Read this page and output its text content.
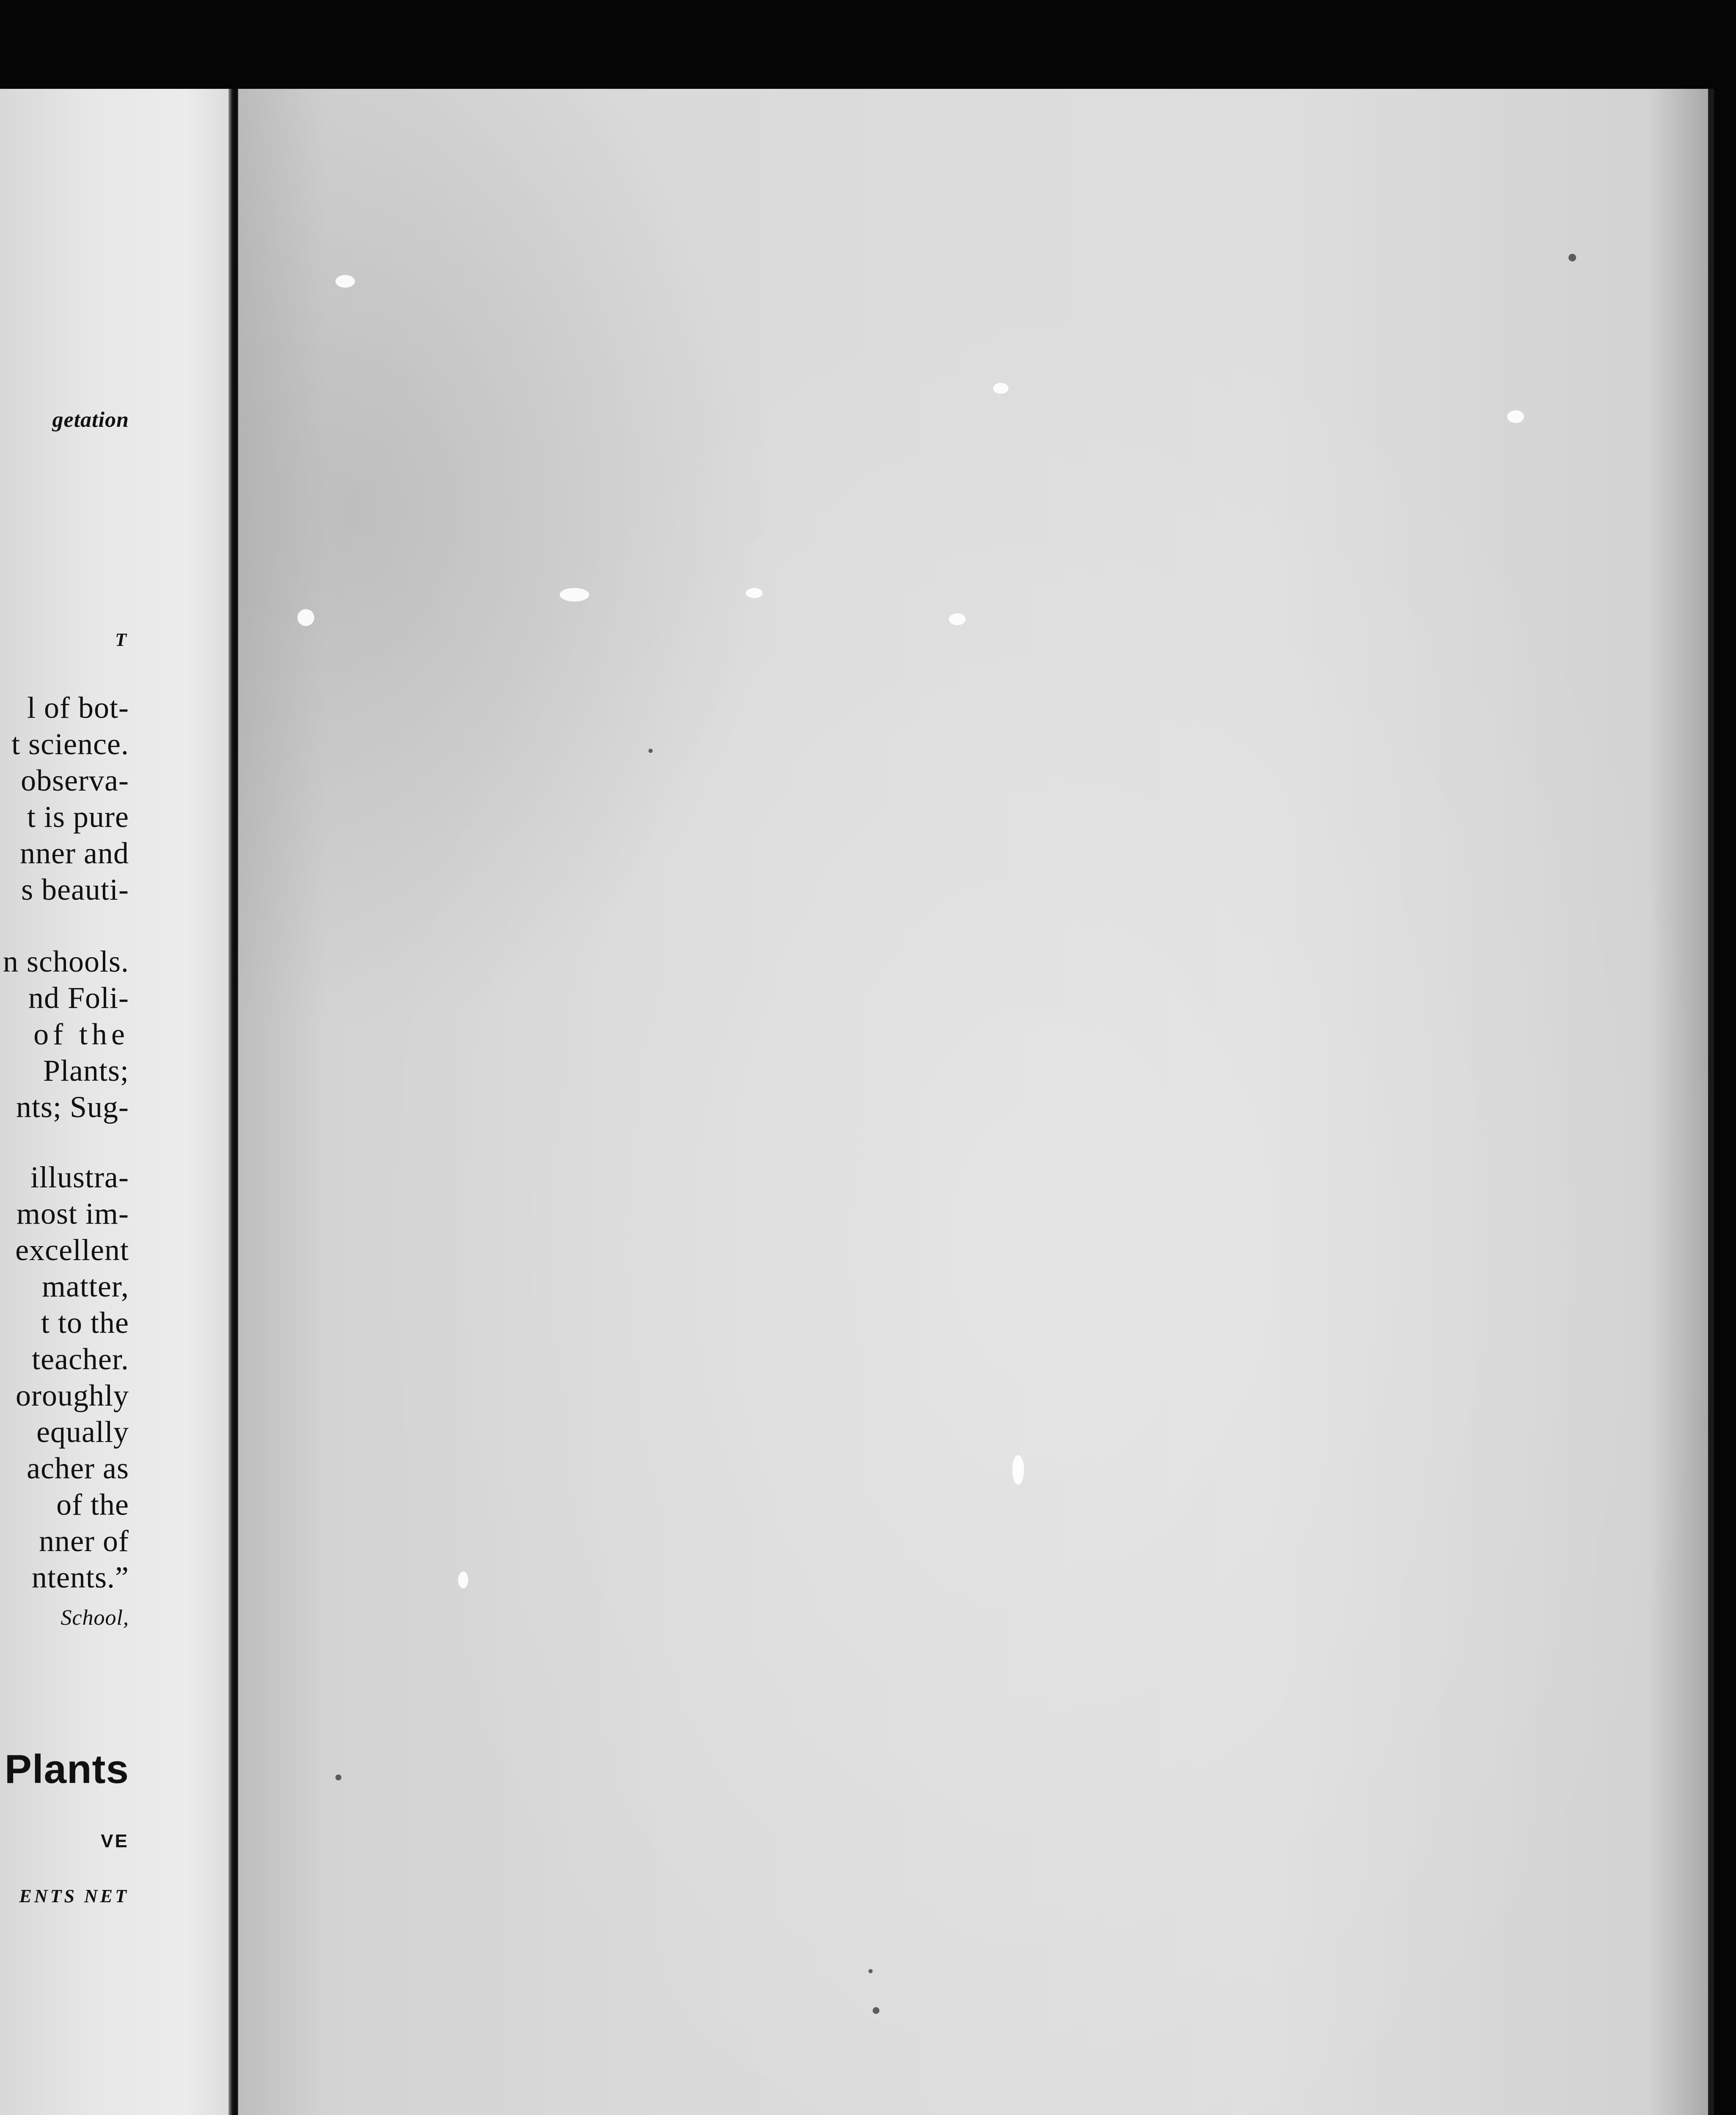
getation
T
l of bot-
t science.
observa-
t is pure
nner and
s beauti-
n schools.
nd Foli-
of the
Plants;
nts; Sug-
illustra-
most im-
excellent
matter,
t to the
teacher.
oroughly
equally
acher as
of the
nner of
ntents.”
School,
Plants
VE
ENTS NET
